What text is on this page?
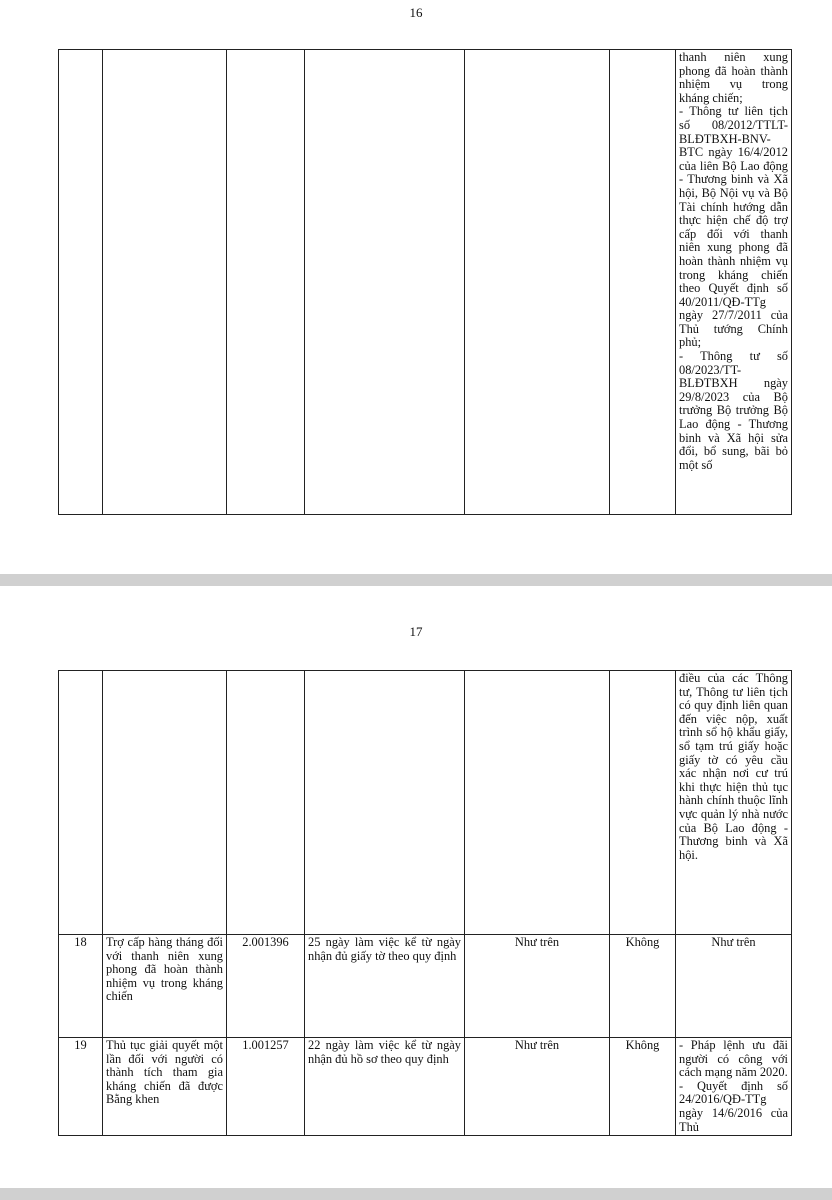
16
						thanh niên xung phong đã hoàn thành nhiệm vụ trong kháng chiến;
- Thông tư liên tịch số 08/2012/TTLT-BLĐTBXH-BNV-BTC ngày 16/4/2012 của liên Bộ Lao động - Thương binh và Xã hội, Bộ Nội vụ và Bộ Tài chính hướng dẫn thực hiện chế độ trợ cấp đối với thanh niên xung phong đã hoàn thành nhiệm vụ trong kháng chiến theo Quyết định số 40/2011/QĐ-TTg ngày 27/7/2011 của Thủ tướng Chính phủ;
- Thông tư số 08/2023/TT-BLĐTBXH ngày 29/8/2023 của Bộ trưởng Bộ trưởng Bộ Lao động - Thương binh và Xã hội sửa đổi, bổ sung, bãi bỏ một số
17
						điều của các Thông tư, Thông tư liên tịch có quy định liên quan đến việc nộp, xuất trình sổ hộ khẩu giấy, sổ tạm trú giấy hoặc giấy tờ có yêu cầu xác nhận nơi cư trú khi thực hiện thủ tục hành chính thuộc lĩnh vực quản lý nhà nước của Bộ Lao động - Thương binh và Xã hội.
18	Trợ cấp hàng tháng đối với thanh niên xung phong đã hoàn thành nhiệm vụ trong kháng chiến	2.001396	25 ngày làm việc kể từ ngày nhận đủ giấy tờ theo quy định	Như trên	Không	Như trên
19	Thủ tục giải quyết một lần đối với người có thành tích tham gia kháng chiến đã được Bằng khen	1.001257	22 ngày làm việc kể từ ngày nhận đủ hồ sơ theo quy định	Như trên	Không	- Pháp lệnh ưu đãi người có công với cách mạng năm 2020.
- Quyết định số 24/2016/QĐ-TTg ngày 14/6/2016 của Thủ
